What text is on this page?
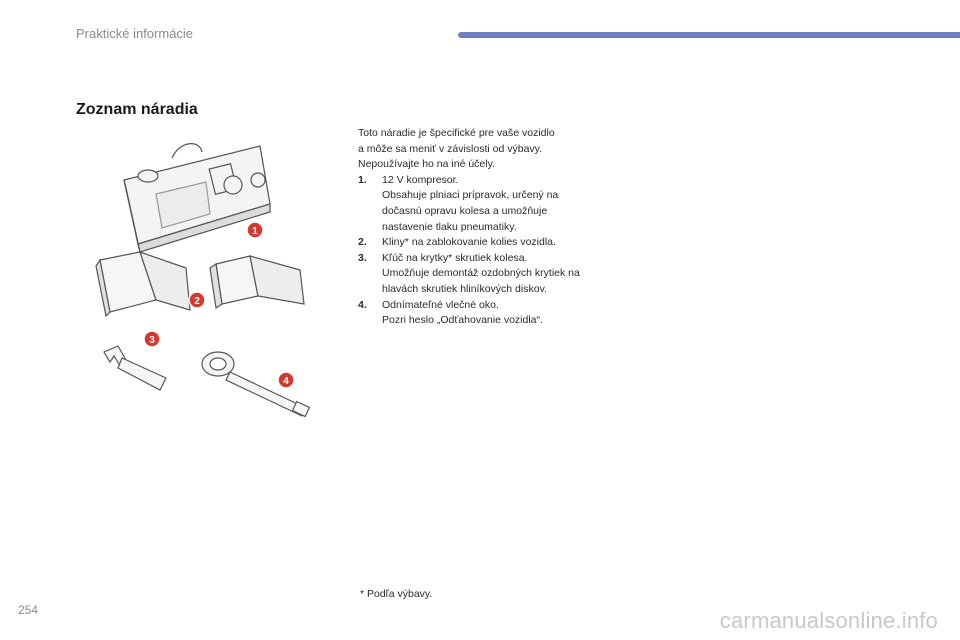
Praktické informácie
Zoznam náradia
1
2
3
4

Toto náradie je špecifické pre vaše vozidlo

a môže sa meniť v závislosti od výbavy.

Nepoužívajte ho na iné účely.

1. 12 V kompresor.

Obsahuje plniaci prípravok, určený na

dočasnú opravu kolesa a umožňuje

nastavenie tlaku pneumatiky.

2. Kliny* na zablokovanie kolies vozidla.

3. Kľúč na krytky* skrutiek kolesa.

Umožňuje demontáž ozdobných krytiek na

hlavách skrutiek hliníkových diskov.

4. Odnímateľné vlečné oko.

Pozri heslo „Odťahovanie vozidla“.

* Podľa výbavy.
254	carmanualsonline.info
